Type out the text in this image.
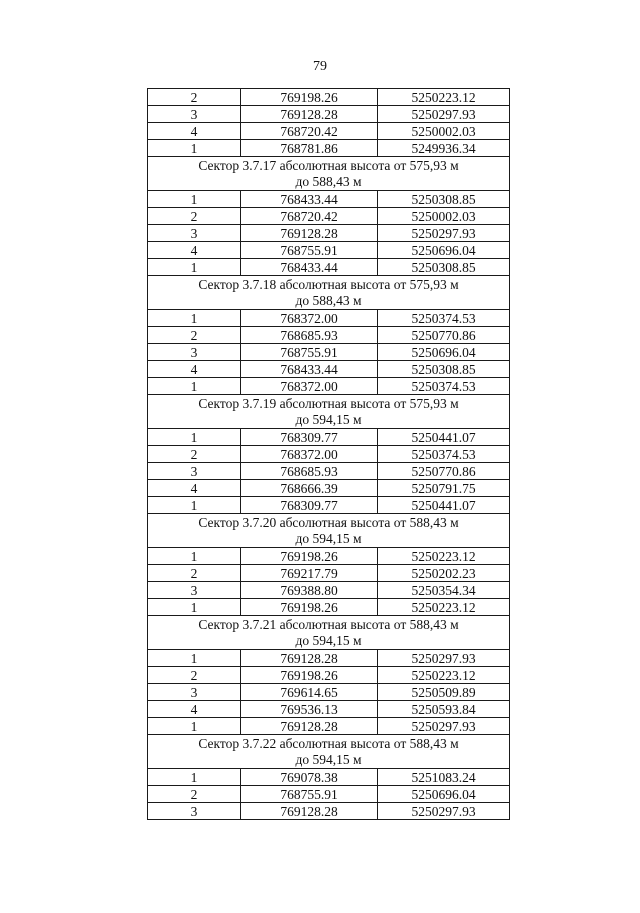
79
2	769198.26	5250223.12
3	769128.28	5250297.93
4	768720.42	5250002.03
1	768781.86	5249936.34

Сектор 3.7.17 абсолютная высота от 575,93 м
до 588,43 м		

1	768433.44	5250308.85
2	768720.42	5250002.03
3	769128.28	5250297.93
4	768755.91	5250696.04
1	768433.44	5250308.85

Сектор 3.7.18 абсолютная высота от 575,93 м
до 588,43 м		

1	768372.00	5250374.53
2	768685.93	5250770.86
3	768755.91	5250696.04
4	768433.44	5250308.85
1	768372.00	5250374.53

Сектор 3.7.19 абсолютная высота от 575,93 м
до 594,15 м		

1	768309.77	5250441.07
2	768372.00	5250374.53
3	768685.93	5250770.86
4	768666.39	5250791.75
1	768309.77	5250441.07

Сектор 3.7.20 абсолютная высота от 588,43 м
до 594,15 м		

1	769198.26	5250223.12
2	769217.79	5250202.23
3	769388.80	5250354.34
1	769198.26	5250223.12

Сектор 3.7.21 абсолютная высота от 588,43 м
до 594,15 м		

1	769128.28	5250297.93
2	769198.26	5250223.12
3	769614.65	5250509.89
4	769536.13	5250593.84
1	769128.28	5250297.93

Сектор 3.7.22 абсолютная высота от 588,43 м
до 594,15 м		

1	769078.38	5251083.24
2	768755.91	5250696.04
3	769128.28	5250297.93
